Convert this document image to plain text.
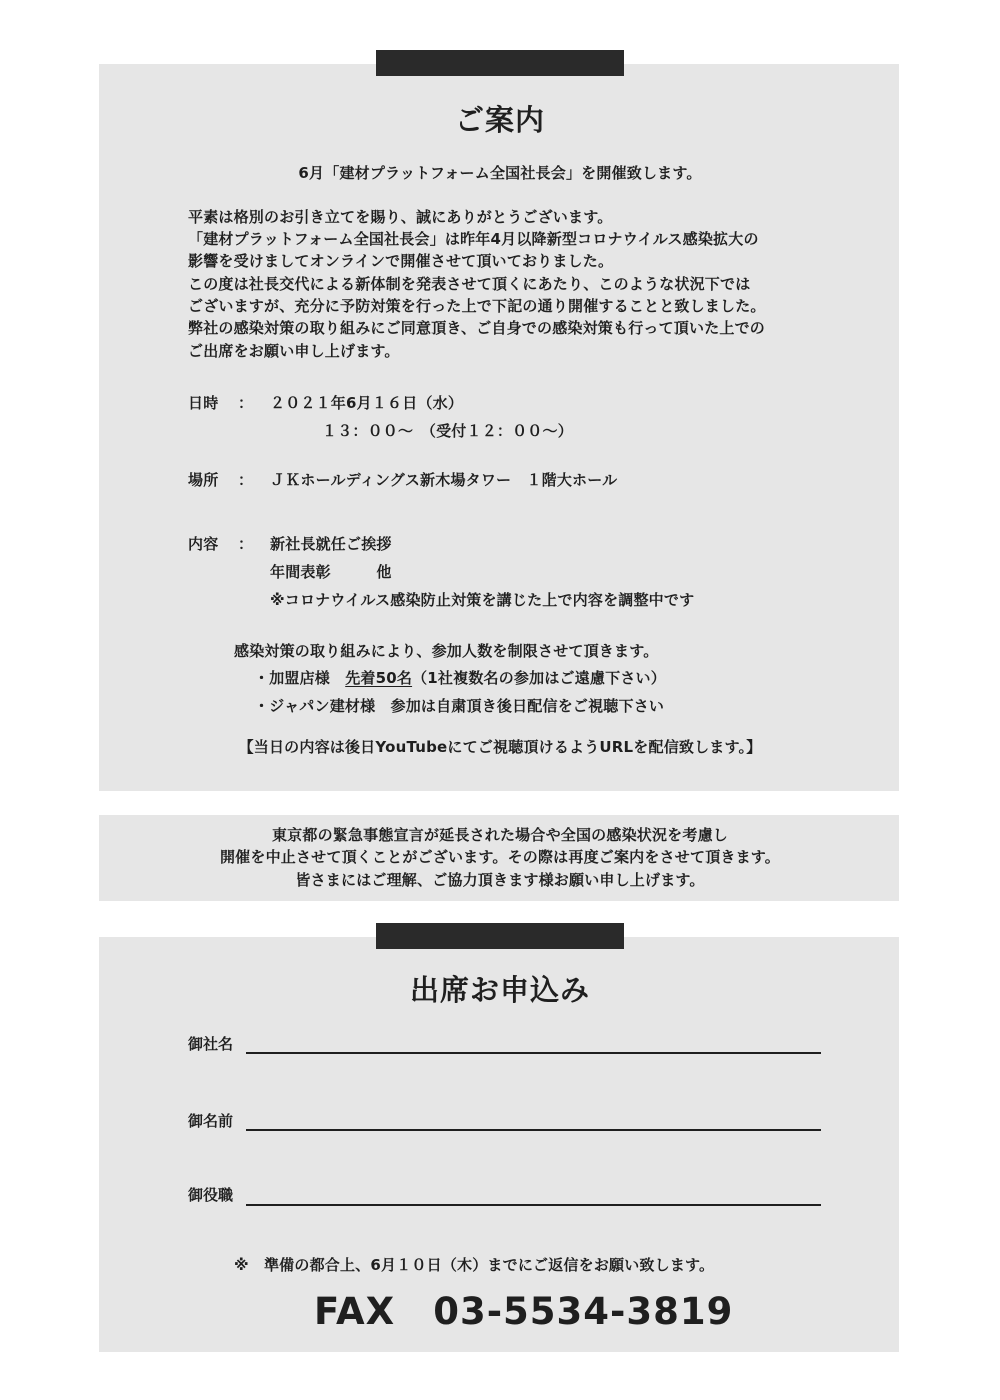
ご案内
6月「建材プラットフォーム全国社長会」を開催致します。
平素は格別のお引き立てを賜り、誠にありがとうございます。
「建材プラットフォーム全国社長会」は昨年4月以降新型コロナウイルス感染拡大の
影響を受けましてオンラインで開催させて頂いておりました。
この度は社長交代による新体制を発表させて頂くにあたり、このような状況下では
ございますが、充分に予防対策を行った上で下記の通り開催することと致しました。
弊社の感染対策の取り組みにご同意頂き、ご自身での感染対策も行って頂いた上での
ご出席をお願い申し上げます。
日時 ： ２０２１年6月１６日（水）
１３：００～　（受付１２：００～）
場所 ： ＪＫホールディングス新木場タワー　１階大ホール
内容 ： 新社長就任ご挨拶
年間表彰　　　他
※コロナウイルス感染防止対策を講じた上で内容を調整中です
感染対策の取り組みにより、参加人数を制限させて頂きます。
・加盟店様　先着50名（1社複数名の参加はご遠慮下さい）
・ジャパン建材様　参加は自粛頂き後日配信をご視聴下さい
【当日の内容は後日YouTubeにてご視聴頂けるようURLを配信致します。】
東京都の緊急事態宣言が延長された場合や全国の感染状況を考慮し
開催を中止させて頂くことがございます。その際は再度ご案内をさせて頂きます。
皆さまにはご理解、ご協力頂きます様お願い申し上げます。
出席お申込み
御社名
御名前
御役職
※　準備の都合上、6月１０日（木）までにご返信をお願い致します。
FAX 03-5534-3819
